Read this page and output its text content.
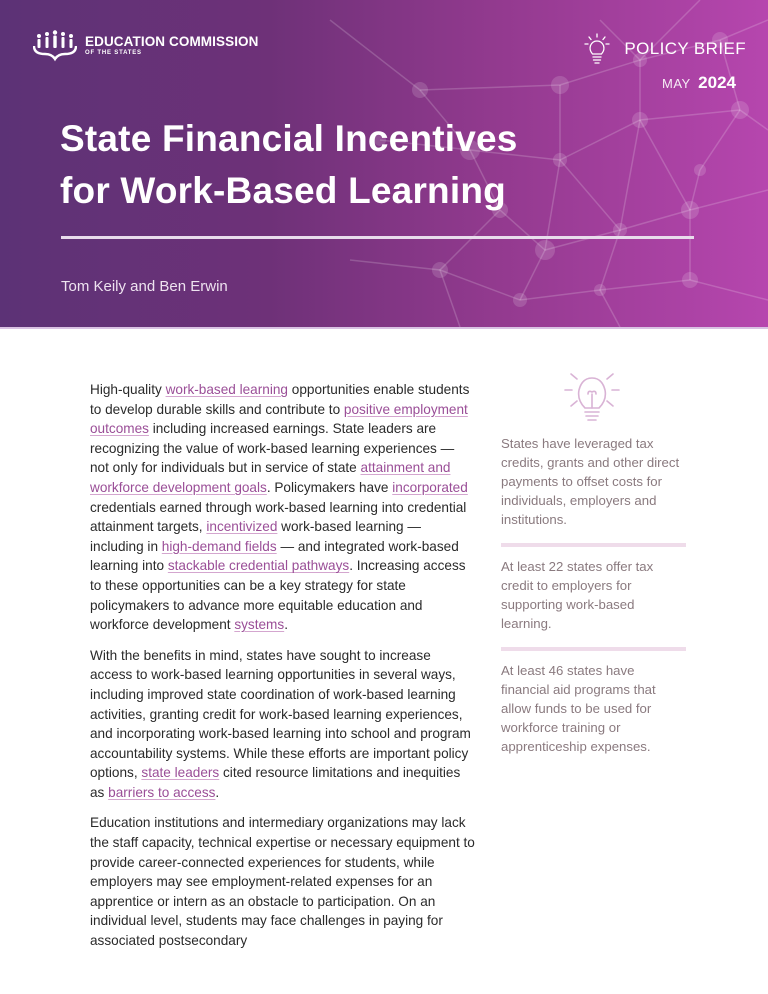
EDUCATION COMMISSION
OF THE STATES	POLICY BRIEF
MAY 2024
State Financial Incentives
for Work-Based Learning
Tom Keily and Ben Erwin

High-quality work-based learning opportunities enable students to develop durable skills and contribute to positive employment outcomes including increased earnings. State leaders are recognizing the value of work-based learning experiences — not only for individuals but in service of state attainment and workforce development goals. Policymakers have incorporated credentials earned through work-based learning into credential attainment targets, incentivized work-based learning — including in high-demand fields — and integrated work-based learning into stackable credential pathways. Increasing access to these opportunities can be a key strategy for state policymakers to advance more equitable education and workforce development systems.

With the benefits in mind, states have sought to increase access to work-based learning opportunities in several ways, including improved state coordination of work-based learning activities, granting credit for work-based learning experiences, and incorporating work-based learning into school and program accountability systems. While these efforts are important policy options, state leaders cited resource limitations and inequities as barriers to access.

Education institutions and intermediary organizations may lack the staff capacity, technical expertise or necessary equipment to provide career-connected experiences for students, while employers may see employment-related expenses for an apprentice or intern as an obstacle to participation. On an individual level, students may face challenges in paying for associated postsecondary

States have leveraged tax credits, grants and other direct payments to offset costs for individuals, employers and institutions.
At least 22 states offer tax credit to employers for supporting work-based learning.
At least 46 states have financial aid programs that allow funds to be used for workforce training or apprenticeship expenses.
